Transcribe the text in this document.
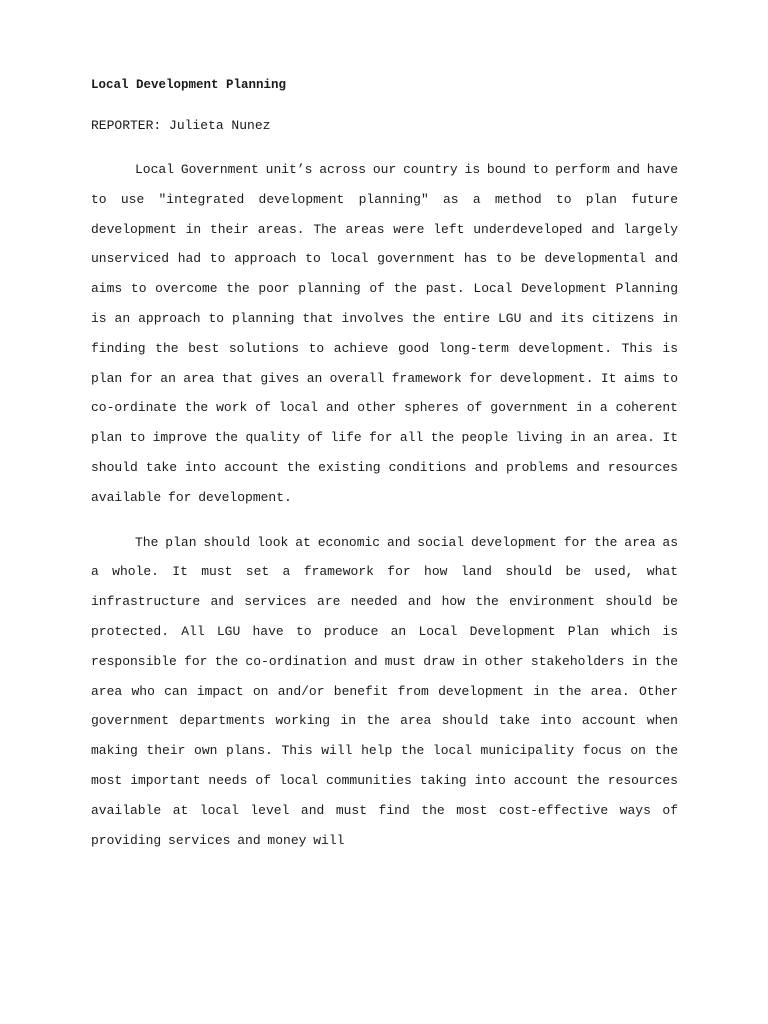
Local Development Planning

REPORTER: Julieta Nunez

Local Government unit’s across our country is bound to perform and have to use "integrated development planning" as a method to plan future development in their areas. The areas were left underdeveloped and largely unserviced had to approach to local government has to be developmental and aims to overcome the poor planning of the past. Local Development Planning is an approach to planning that involves the entire LGU and its citizens in finding the best solutions to achieve good long-term development. This is plan for an area that gives an overall framework for development. It aims to co-ordinate the work of local and other spheres of government in a coherent plan to improve the quality of life for all the people living in an area. It should take into account the existing conditions and problems and resources available for development.

The plan should look at economic and social development for the area as a whole. It must set a framework for how land should be used, what infrastructure and services are needed and how the environment should be protected. All LGU have to produce an Local Development Plan which is responsible for the co-ordination and must draw in other stakeholders in the area who can impact on and/or benefit from development in the area. Other government departments working in the area should take into account when making their own plans. This will help the local municipality focus on the most important needs of local communities taking into account the resources available at local level and must find the most cost-effective ways of providing services and money will
